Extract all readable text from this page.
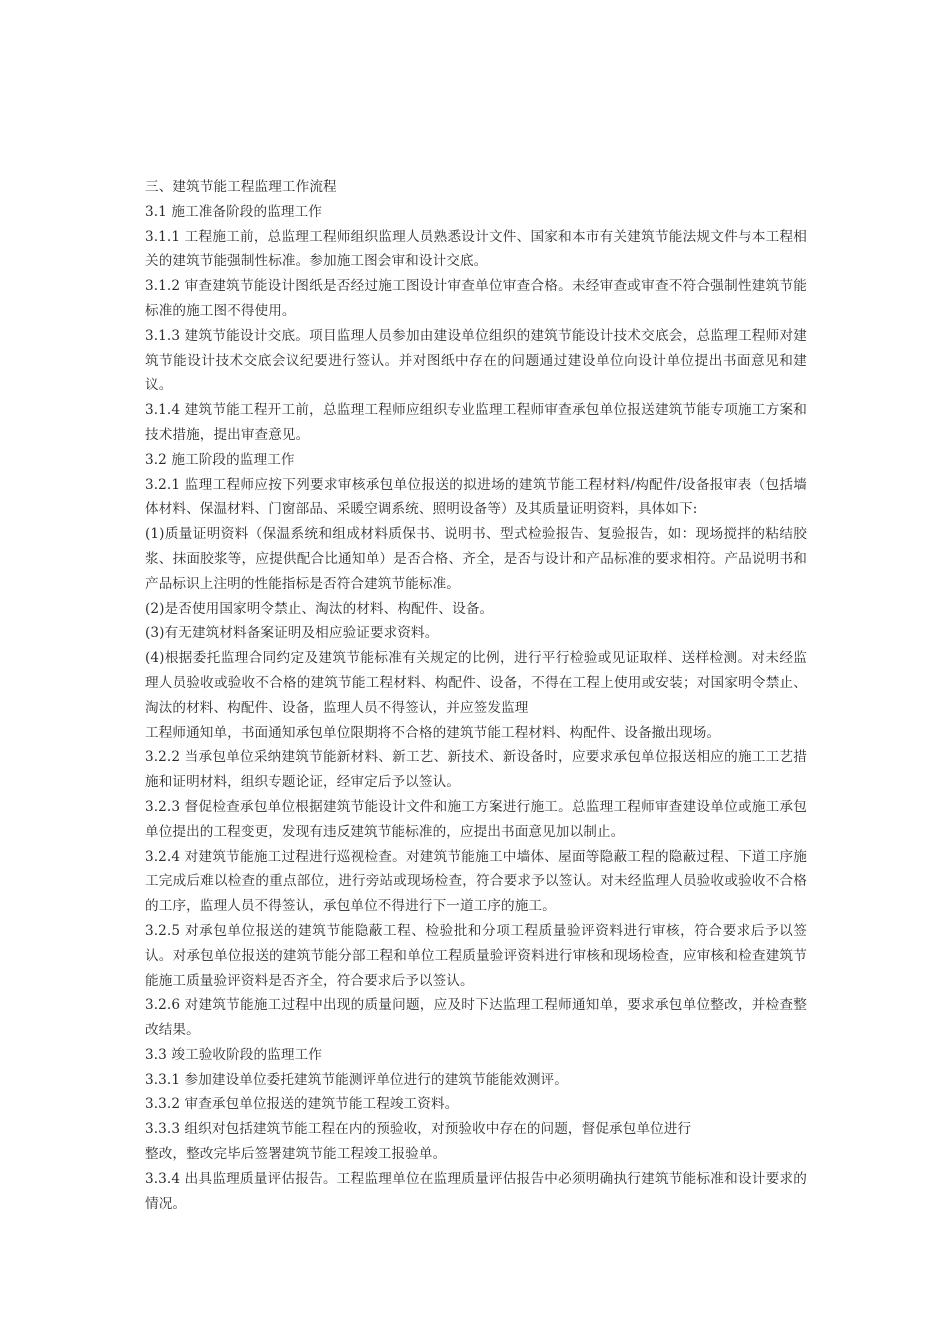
三、建筑节能工程监理工作流程

3.1 施工准备阶段的监理工作

3.1.1 工程施工前，总监理工程师组织监理人员熟悉设计文件、国家和本市有关建筑节能法规文件与本工程相关的建筑节能强制性标准。参加施工图会审和设计交底。

3.1.2 审查建筑节能设计图纸是否经过施工图设计审查单位审查合格。未经审查或审查不符合强制性建筑节能标准的施工图不得使用。

3.1.3 建筑节能设计交底。项目监理人员参加由建设单位组织的建筑节能设计技术交底会，总监理工程师对建筑节能设计技术交底会议纪要进行签认。并对图纸中存在的问题通过建设单位向设计单位提出书面意见和建议。

3.1.4 建筑节能工程开工前，总监理工程师应组织专业监理工程师审查承包单位报送建筑节能专项施工方案和技术措施，提出审查意见。

3.2 施工阶段的监理工作

3.2.1 监理工程师应按下列要求审核承包单位报送的拟进场的建筑节能工程材料/构配件/设备报审表（包括墙体材料、保温材料、门窗部品、采暖空调系统、照明设备等）及其质量证明资料，具体如下:

(1)质量证明资料（保温系统和组成材料质保书、说明书、型式检验报告、复验报告，如：现场搅拌的粘结胶浆、抹面胶浆等，应提供配合比通知单）是否合格、齐全，是否与设计和产品标准的要求相符。产品说明书和产品标识上注明的性能指标是否符合建筑节能标准。

(2)是否使用国家明令禁止、淘汰的材料、构配件、设备。

(3)有无建筑材料备案证明及相应验证要求资料。

(4)根据委托监理合同约定及建筑节能标准有关规定的比例，进行平行检验或见证取样、送样检测。对未经监理人员验收或验收不合格的建筑节能工程材料、构配件、设备，不得在工程上使用或安装；对国家明令禁止、淘汰的材料、构配件、设备，监理人员不得签认，并应签发监理

工程师通知单，书面通知承包单位限期将不合格的建筑节能工程材料、构配件、设备撤出现场。

3.2.2 当承包单位采纳建筑节能新材料、新工艺、新技术、新设备时，应要求承包单位报送相应的施工工艺措施和证明材料，组织专题论证，经审定后予以签认。

3.2.3 督促检查承包单位根据建筑节能设计文件和施工方案进行施工。总监理工程师审查建设单位或施工承包单位提出的工程变更，发现有违反建筑节能标准的，应提出书面意见加以制止。

3.2.4 对建筑节能施工过程进行巡视检查。对建筑节能施工中墙体、屋面等隐蔽工程的隐蔽过程、下道工序施工完成后难以检查的重点部位，进行旁站或现场检查，符合要求予以签认。对未经监理人员验收或验收不合格的工序，监理人员不得签认，承包单位不得进行下一道工序的施工。

3.2.5 对承包单位报送的建筑节能隐蔽工程、检验批和分项工程质量验评资料进行审核，符合要求后予以签认。对承包单位报送的建筑节能分部工程和单位工程质量验评资料进行审核和现场检查，应审核和检查建筑节能施工质量验评资料是否齐全，符合要求后予以签认。

3.2.6 对建筑节能施工过程中出现的质量问题，应及时下达监理工程师通知单，要求承包单位整改，并检查整改结果。

3.3 竣工验收阶段的监理工作

3.3.1 参加建设单位委托建筑节能测评单位进行的建筑节能能效测评。

3.3.2 审查承包单位报送的建筑节能工程竣工资料。

3.3.3 组织对包括建筑节能工程在内的预验收，对预验收中存在的问题，督促承包单位进行

整改，整改完毕后签署建筑节能工程竣工报验单。

3.3.4 出具监理质量评估报告。工程监理单位在监理质量评估报告中必须明确执行建筑节能标准和设计要求的情况。
